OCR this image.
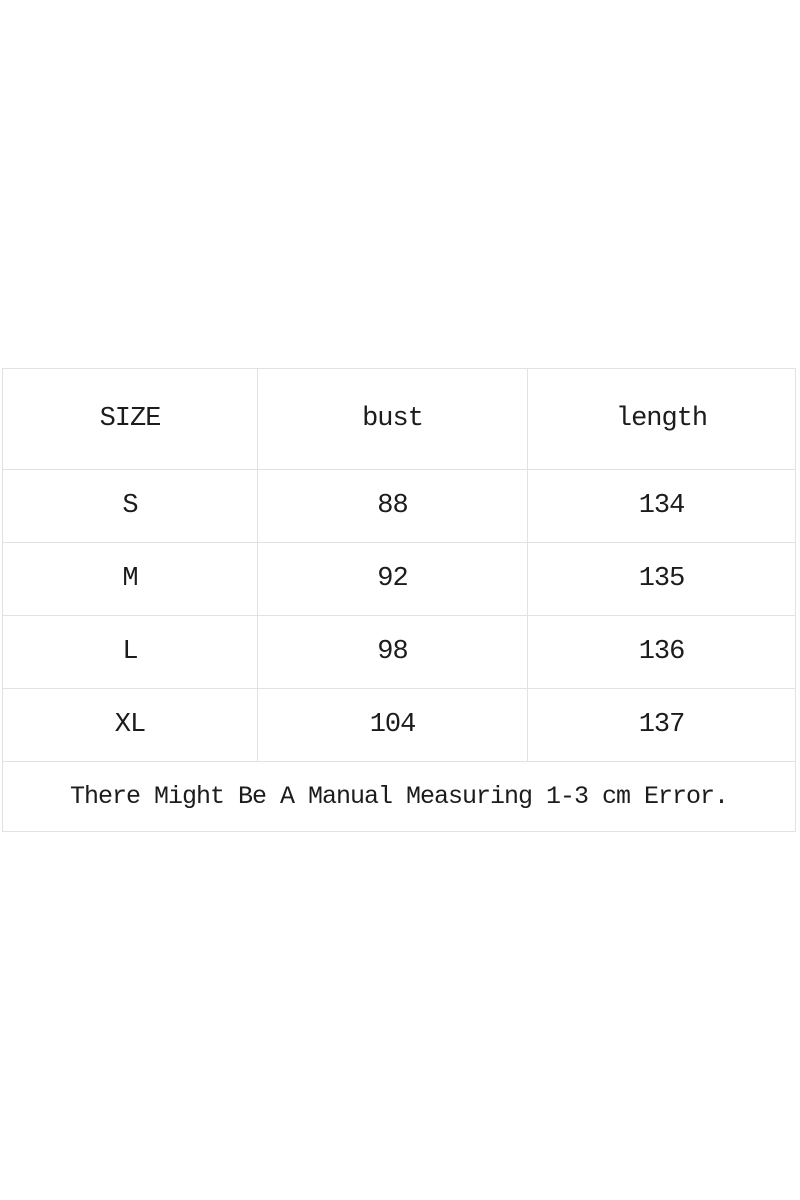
SIZE	bust	length
S	88	134
M	92	135
L	98	136
XL	104	137
There Might Be A Manual Measuring 1-3 cm Error.		
